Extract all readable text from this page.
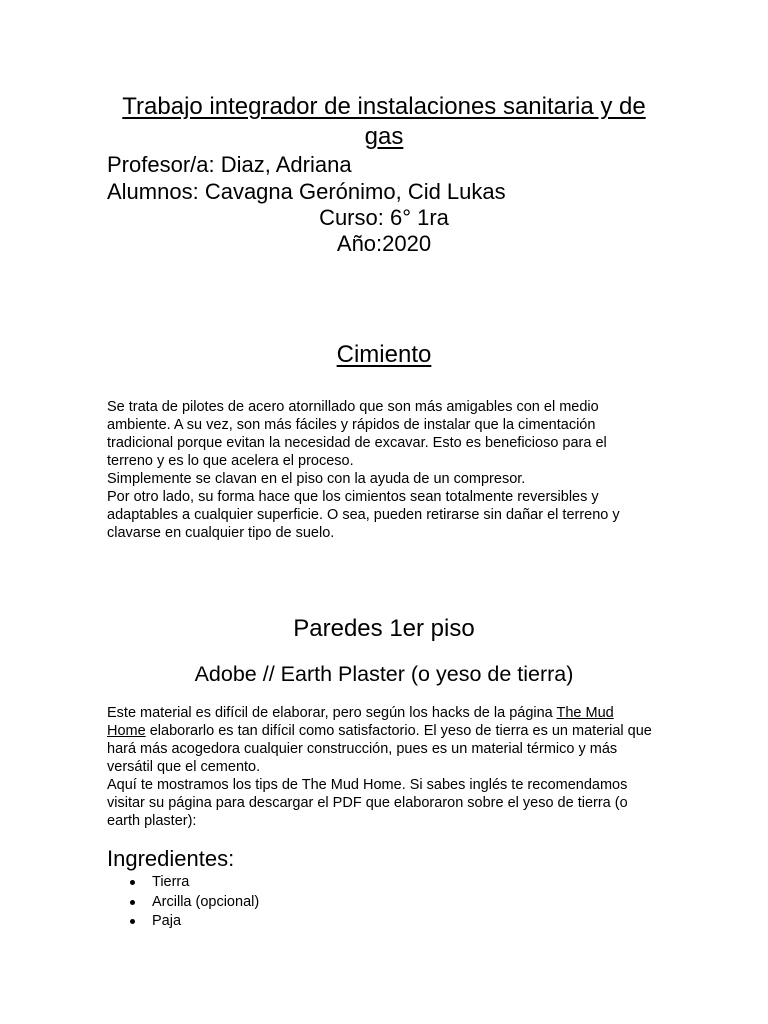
Trabajo integrador de instalaciones sanitaria y de gas
Profesor/a: Diaz, Adriana
Alumnos: Cavagna Gerónimo, Cid Lukas
Curso: 6° 1ra
Año:2020
Cimiento

Se trata de pilotes de acero atornillado que son más amigables con el medio ambiente. A su vez, son más fáciles y rápidos de instalar que la cimentación tradicional porque evitan la necesidad de excavar. Esto es beneficioso para el terreno y es lo que acelera el proceso.

Simplemente se clavan en el piso con la ayuda de un compresor.

Por otro lado, su forma hace que los cimientos sean totalmente reversibles y adaptables a cualquier superficie. O sea, pueden retirarse sin dañar el terreno y clavarse en cualquier tipo de suelo.

Paredes 1er piso
Adobe // Earth Plaster (o yeso de tierra)

Este material es difícil de elaborar, pero según los hacks de la página The Mud Home elaborarlo es tan difícil como satisfactorio. El yeso de tierra es un material que hará más acogedora cualquier construcción, pues es un material térmico y más versátil que el cemento.

Aquí te mostramos los tips de The Mud Home. Si sabes inglés te recomendamos visitar su página para descargar el PDF que elaboraron sobre el yeso de tierra (o earth plaster):

Ingredientes:
Tierra
Arcilla (opcional)
Paja
